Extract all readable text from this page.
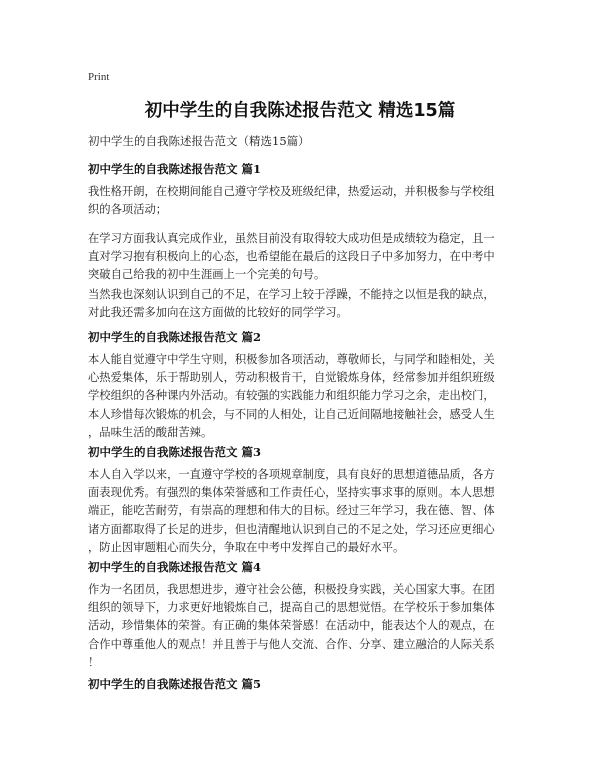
Print
初中学生的自我陈述报告范文 精选15篇
初中学生的自我陈述报告范文（精选15篇）
初中学生的自我陈述报告范文 篇1
我性格开朗，在校期间能自己遵守学校及班级纪律，热爱运动，并积极参与学校组
织的各项活动；
在学习方面我认真完成作业，虽然目前没有取得较大成功但是成绩较为稳定，且一
直对学习抱有积极向上的心态，也希望能在最后的这段日子中多加努力，在中考中
突破自己给我的初中生涯画上一个完美的句号。
当然我也深刻认识到自己的不足，在学习上较于浮躁，不能持之以恒是我的缺点，
对此我还需多加向在这方面做的比较好的同学学习。
初中学生的自我陈述报告范文 篇2
本人能自觉遵守中学生守则，积极参加各项活动，尊敬师长，与同学和睦相处，关
心热爱集体，乐于帮助别人，劳动积极肯干，自觉锻炼身体，经常参加并组织班级
学校组织的各种课内外活动。有较强的实践能力和组织能力学习之余，走出校门，
本人珍惜每次锻炼的机会，与不同的人相处，让自己近间隔地接触社会，感受人生
，品味生活的酸甜苦辣。
初中学生的自我陈述报告范文 篇3
本人自入学以来，一直遵守学校的各项规章制度，具有良好的思想道德品质，各方
面表现优秀。有强烈的集体荣誉感和工作责任心，坚持实事求事的原则。本人思想
端正，能吃苦耐劳，有崇高的理想和伟大的目标。经过三年学习，我在德、智、体
诸方面都取得了长足的进步，但也清醒地认识到自己的不足之处，学习还应更细心
，防止因审题粗心而失分，争取在中考中发挥自己的最好水平。
初中学生的自我陈述报告范文 篇4
作为一名团员，我思想进步，遵守社会公德，积极投身实践，关心国家大事。在团
组织的领导下，力求更好地锻炼自己，提高自己的思想觉悟。在学校乐于参加集体
活动，珍惜集体的荣誉。有正确的集体荣誉感！在活动中，能表达个人的观点，在
合作中尊重他人的观点！并且善于与他人交流、合作、分享、建立融洽的人际关系
！
初中学生的自我陈述报告范文 篇5
